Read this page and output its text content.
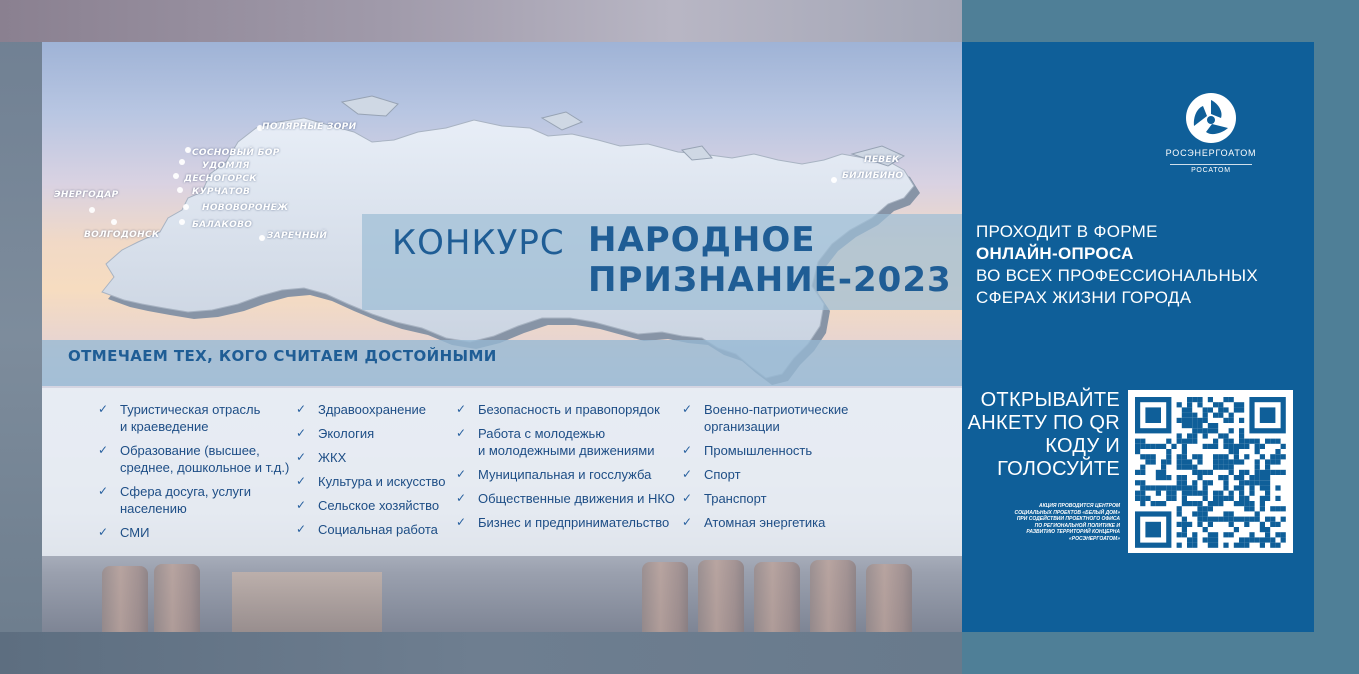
ПОЛЯРНЫЕ ЗОРИ
СОСНОВЫЙ БОР
УДОМЛЯ
ДЕСНОГОРСК
КУРЧАТОВ
НОВОВОРОНЕЖ
БАЛАКОВО
ЗАРЕЧНЫЙ
ЭНЕРГОДАР
ВОЛГОДОНСК
ПЕВЕК
БИЛИБИНО
КОНКУРС НАРОДНОЕ
ПРИЗНАНИЕ-2023
ОТМЕЧАЕМ ТЕХ, КОГО СЧИТАЕМ ДОСТОЙНЫМИ
✓ Туристическая отрасль
и краеведение
✓ Образование (высшее,
среднее, дошкольное и т.д.)
✓ Сфера досуга, услуги
населению
✓ СМИ
✓ Здравоохранение
✓ Экология
✓ ЖКХ
✓ Культура и искусство
✓ Сельское хозяйство
✓ Социальная работа
✓ Безопасность и правопорядок
✓ Работа с молодежью
и молодежными движениями
✓ Муниципальная и госслужба
✓ Общественные движения и НКО
✓ Бизнес и предпринимательство
✓ Военно-патриотические
организации
✓ Промышленность
✓ Спорт
✓ Транспорт
✓ Атомная энергетика
РОСЭНЕРГОАТОМ
РОСАТОМ
ПРОХОДИТ В ФОРМЕ
ОНЛАЙН-ОПРОСА
ВО ВСЕХ ПРОФЕССИОНАЛЬНЫХ
СФЕРАХ ЖИЗНИ ГОРОДА
ОТКРЫВАЙТЕ
АНКЕТУ ПО QR
КОДУ И
ГОЛОСУЙТЕ
АКЦИЯ ПРОВОДИТСЯ ЦЕНТРОМ
СОЦИАЛЬНЫХ ПРОЕКТОВ «БЕЛЫЙ ДОМ»
ПРИ СОДЕЙСТВИИ ПРОЕКТНОГО ОФИСА
ПО РЕГИОНАЛЬНОЙ ПОЛИТИКЕ И
РАЗВИТИЮ ТЕРРИТОРИЙ КОНЦЕРНА
«РОСЭНЕРГОАТОМ»
